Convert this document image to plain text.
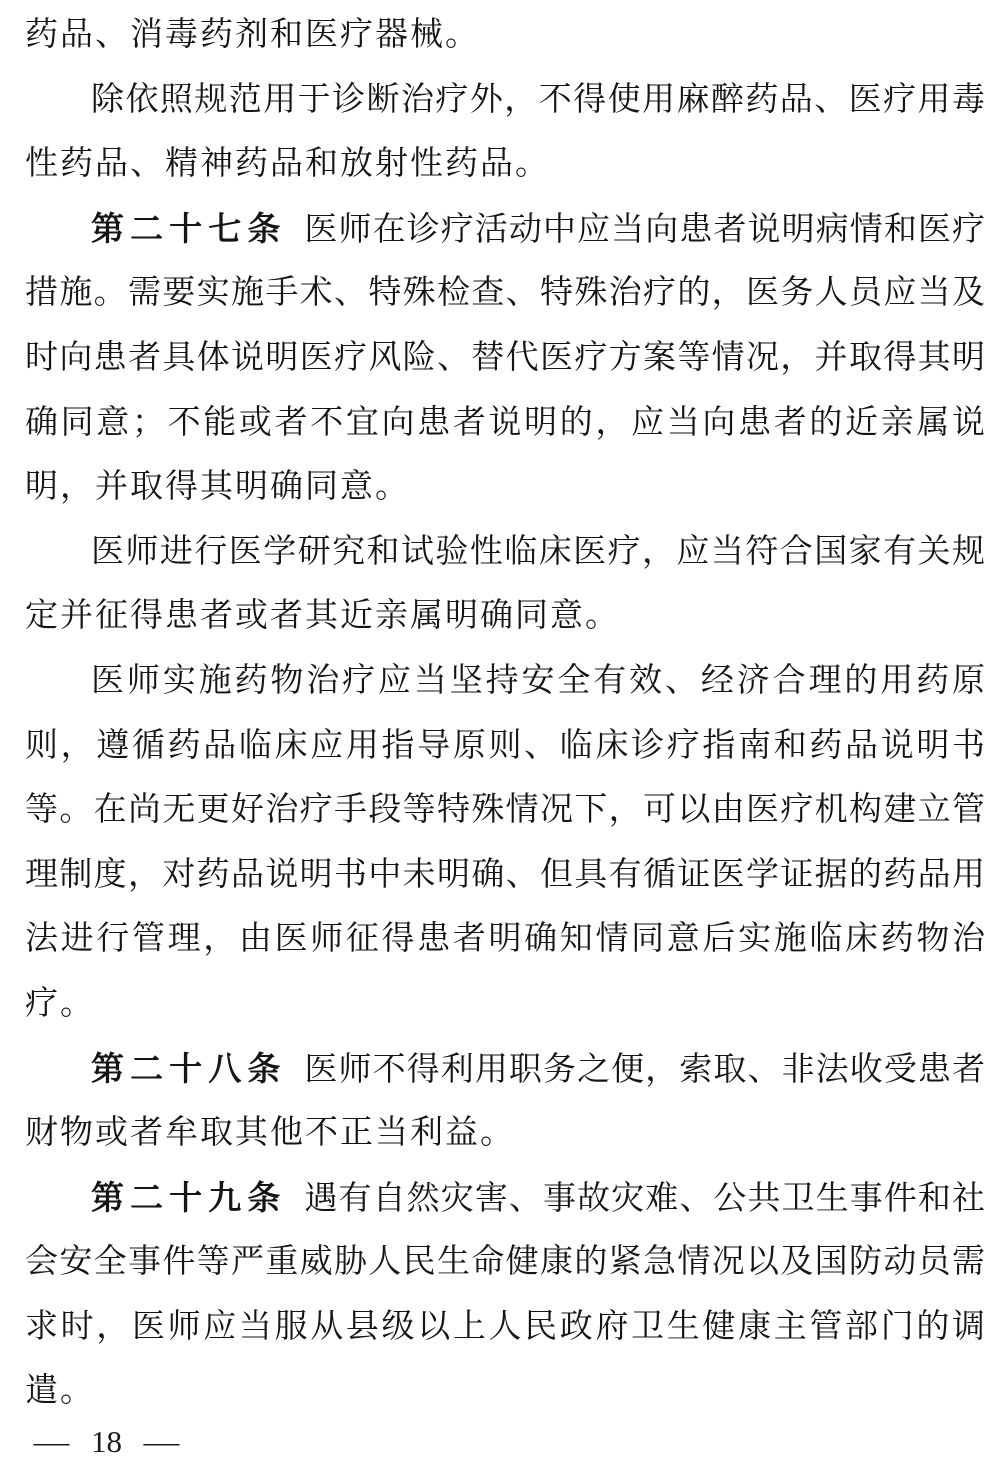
药品、消毒药剂和医疗器械。
除依照规范用于诊断治疗外，不得使用麻醉药品、医疗用毒
性药品、精神药品和放射性药品。
第二十七条 医师在诊疗活动中应当向患者说明病情和医疗
措施。需要实施手术、特殊检查、特殊治疗的，医务人员应当及
时向患者具体说明医疗风险、替代医疗方案等情况，并取得其明
确同意；不能或者不宜向患者说明的，应当向患者的近亲属说
明，并取得其明确同意。
医师进行医学研究和试验性临床医疗，应当符合国家有关规
定并征得患者或者其近亲属明确同意。
医师实施药物治疗应当坚持安全有效、经济合理的用药原
则，遵循药品临床应用指导原则、临床诊疗指南和药品说明书
等。在尚无更好治疗手段等特殊情况下，可以由医疗机构建立管
理制度，对药品说明书中未明确、但具有循证医学证据的药品用
法进行管理，由医师征得患者明确知情同意后实施临床药物治
疗。
第二十八条 医师不得利用职务之便，索取、非法收受患者
财物或者牟取其他不正当利益。
第二十九条 遇有自然灾害、事故灾难、公共卫生事件和社
会安全事件等严重威胁人民生命健康的紧急情况以及国防动员需
求时，医师应当服从县级以上人民政府卫生健康主管部门的调
遣。
— 18 —
